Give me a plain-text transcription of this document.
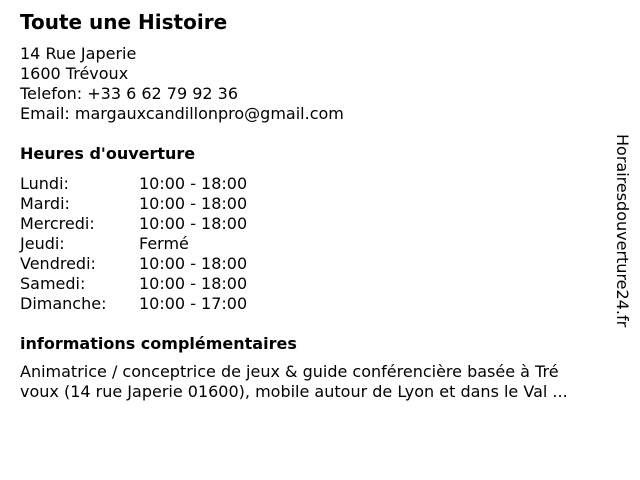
Toute une Histoire
14 Rue Japerie
1600 Trévoux
Telefon: +33 6 62 79 92 36
Email: margauxcandillonpro@gmail.com
Heures d'ouverture
Lundi:	10:00 - 18:00
Mardi:	10:00 - 18:00
Mercredi:	10:00 - 18:00
Jeudi:	Fermé
Vendredi:	10:00 - 18:00
Samedi:	10:00 - 18:00
Dimanche: 10:00 - 17:00
informations complémentaires
Animatrice / conceptrice de jeux & guide conférencière basée à Tré
voux (14 rue Japerie 01600), mobile autour de Lyon et dans le Val ...
Horairesdouverture24.fr
